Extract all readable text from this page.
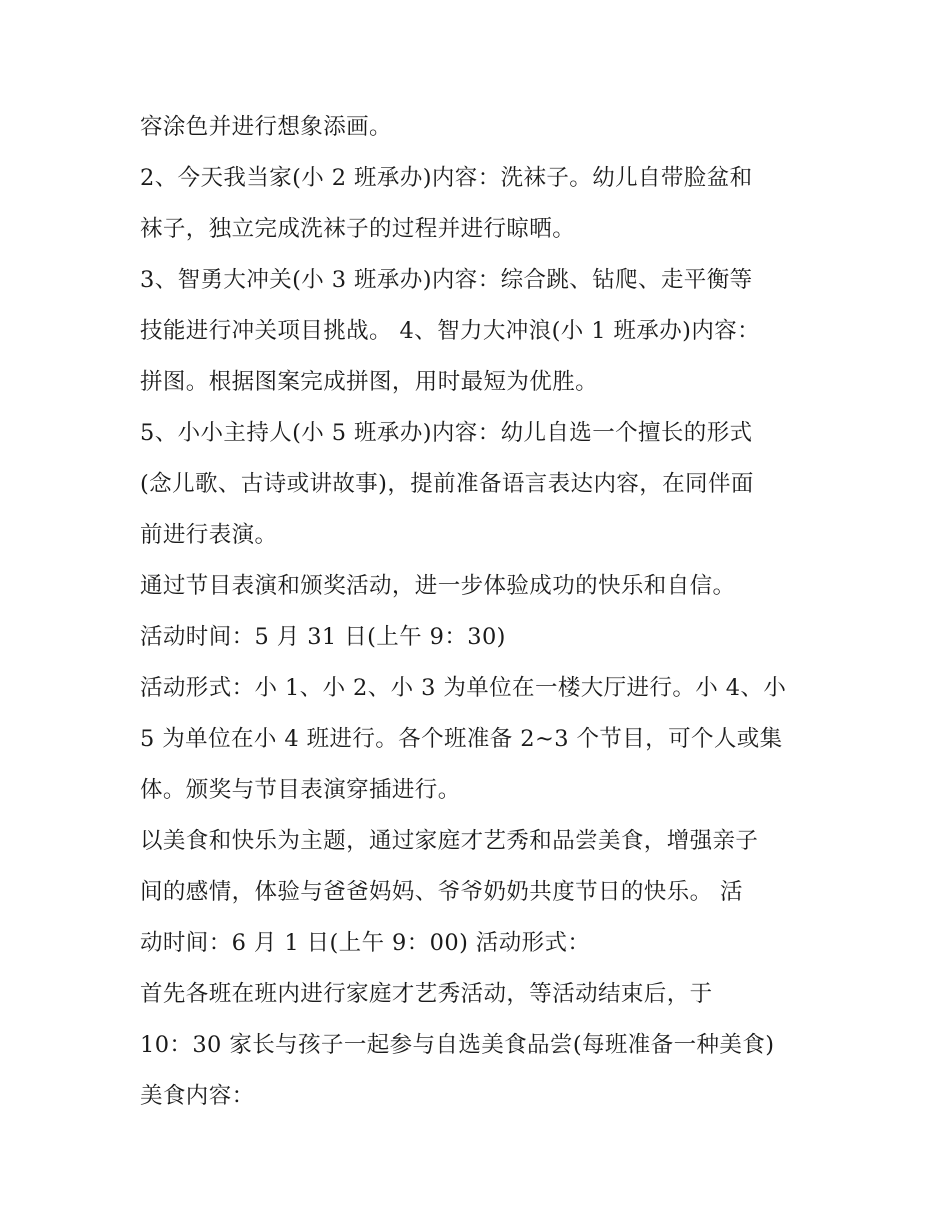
容涂色并进行想象添画。
2、今天我当家(小 2 班承办)内容：洗袜子。幼儿自带脸盆和
袜子，独立完成洗袜子的过程并进行晾晒。
3、智勇大冲关(小 3 班承办)内容：综合跳、钻爬、走平衡等
技能进行冲关项目挑战。 4、智力大冲浪(小 1 班承办)内容：
拼图。根据图案完成拼图，用时最短为优胜。
5、小小主持人(小 5 班承办)内容：幼儿自选一个擅长的形式
(念儿歌、古诗或讲故事)，提前准备语言表达内容，在同伴面
前进行表演。
通过节目表演和颁奖活动，进一步体验成功的快乐和自信。
活动时间：5 月 31 日(上午 9：30)
活动形式：小 1、小 2、小 3 为单位在一楼大厅进行。小 4、小
5 为单位在小 4 班进行。各个班准备 2~3 个节目，可个人或集
体。颁奖与节目表演穿插进行。
以美食和快乐为主题，通过家庭才艺秀和品尝美食，增强亲子
间的感情，体验与爸爸妈妈、爷爷奶奶共度节日的快乐。 活
动时间：6 月 1 日(上午 9：00) 活动形式：
首先各班在班内进行家庭才艺秀活动，等活动结束后，于
10：30 家长与孩子一起参与自选美食品尝(每班准备一种美食)
美食内容：
